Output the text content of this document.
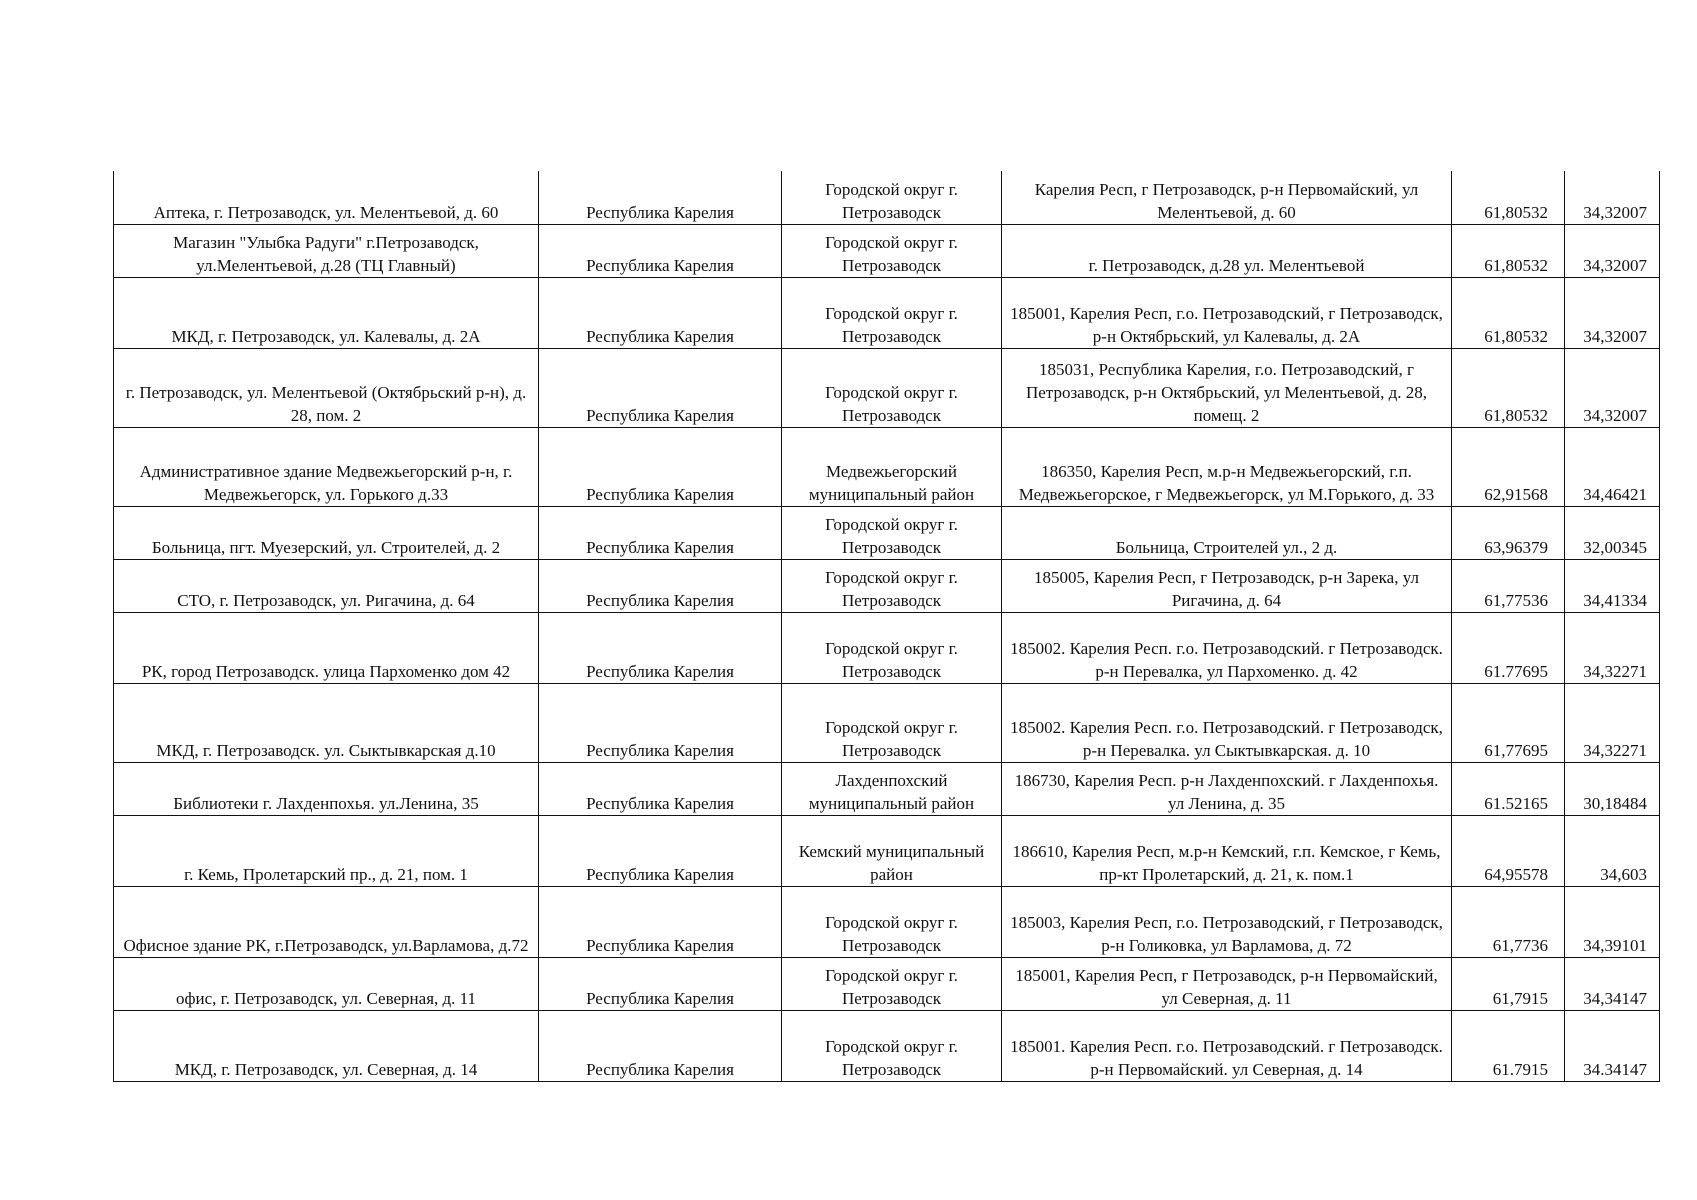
Аптека, г. Петрозаводск, ул. Мелентьевой, д. 60	Республика Карелия	Городской округ г. Петрозаводск	Карелия Респ, г Петрозаводск, р-н Первомайский, ул Мелентьевой, д. 60	61,80532	34,32007
Магазин "Улыбка Радуги" г.Петрозаводск, ул.Мелентьевой, д.28 (ТЦ Главный)	Республика Карелия	Городской округ г. Петрозаводск	г. Петрозаводск, д.28 ул. Мелентьевой	61,80532	34,32007
МКД, г. Петрозаводск, ул. Калевалы, д. 2А	Республика Карелия	Городской округ г. Петрозаводск	185001, Карелия Респ, г.о. Петрозаводский, г Петрозаводск, р-н Октябрьский, ул Калевалы, д. 2А	61,80532	34,32007
г. Петрозаводск, ул. Мелентьевой (Октябрьский р-н), д. 28, пом. 2	Республика Карелия	Городской округ г. Петрозаводск	185031, Республика Карелия, г.о. Петрозаводский, г Петрозаводск, р-н Октябрьский, ул Мелентьевой, д. 28, помещ. 2	61,80532	34,32007
Административное здание Медвежьегорский р-н, г. Медвежьегорск, ул. Горького д.33	Республика Карелия	Медвежьегорский муниципальный район	186350, Карелия Респ, м.р-н Медвежьегорский, г.п. Медвежьегорское, г Медвежьегорск, ул М.Горького, д. 33	62,91568	34,46421
Больница, пгт. Муезерский, ул. Строителей, д. 2	Республика Карелия	Городской округ г. Петрозаводск	Больница, Строителей ул., 2 д.	63,96379	32,00345
СТО, г. Петрозаводск, ул. Ригачина, д. 64	Республика Карелия	Городской округ г. Петрозаводск	185005, Карелия Респ, г Петрозаводск, р-н Зарека, ул Ригачина, д. 64	61,77536	34,41334
РК, город Петрозаводск. улица Пархоменко дом 42	Республика Карелия	Городской округ г. Петрозаводск	185002. Карелия Респ. г.о. Петрозаводский. г Петрозаводск. р-н Перевалка, ул Пархоменко. д. 42	61.77695	34,32271
МКД, г. Петрозаводск. ул. Сыктывкарская д.10	Республика Карелия	Городской округ г. Петрозаводск	185002. Карелия Респ. г.о. Петрозаводский. г Петрозаводск, р-н Перевалка. ул Сыктывкарская. д. 10	61,77695	34,32271
Библиотеки г. Лахденпохья. ул.Ленина, 35	Республика Карелия	Лахденпохский муниципальный район	186730, Карелия Респ. р-н Лахденпохский. г Лахденпохья. ул Ленина, д. 35	61.52165	30,18484
г. Кемь, Пролетарский пр., д. 21, пом. 1	Республика Карелия	Кемский муниципальный район	186610, Карелия Респ, м.р-н Кемский, г.п. Кемское, г Кемь, пр-кт Пролетарский, д. 21, к. пом.1	64,95578	34,603
Офисное здание РК, г.Петрозаводск, ул.Варламова, д.72	Республика Карелия	Городской округ г. Петрозаводск	185003, Карелия Респ, г.о. Петрозаводский, г Петрозаводск, р-н Голиковка, ул Варламова, д. 72	61,7736	34,39101
офис, г. Петрозаводск, ул. Северная, д. 11	Республика Карелия	Городской округ г. Петрозаводск	185001, Карелия Респ, г Петрозаводск, р-н Первомайский, ул Северная, д. 11	61,7915	34,34147
МКД, г. Петрозаводск, ул. Северная, д. 14	Республика Карелия	Городской округ г. Петрозаводск	185001. Карелия Респ. г.о. Петрозаводский. г Петрозаводск. р-н Первомайский. ул Северная, д. 14	61.7915	34.34147
